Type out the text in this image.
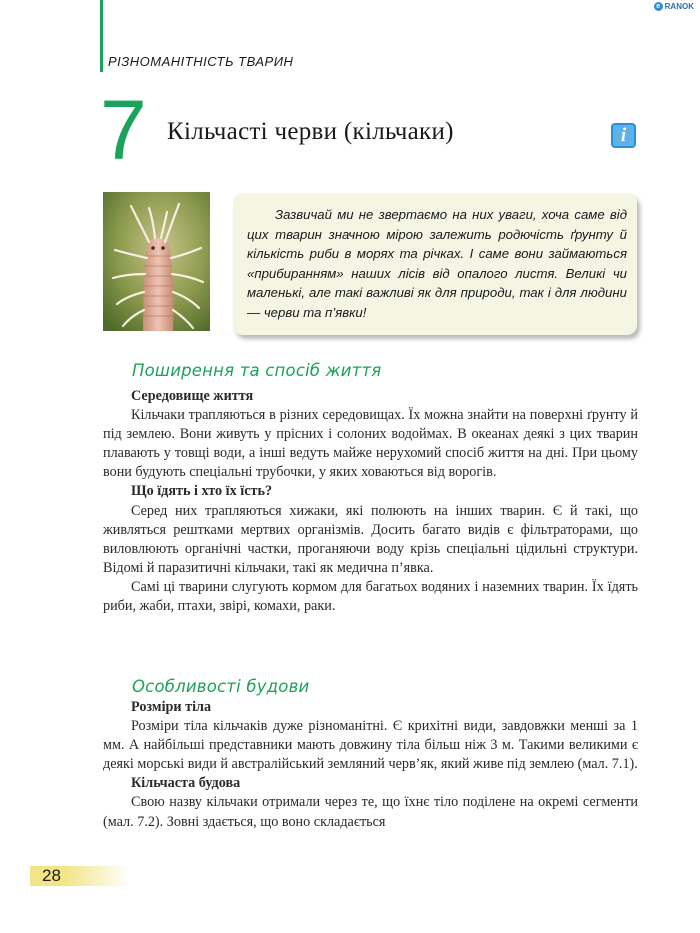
РІЗНОМАНІТНІСТЬ ТВАРИН
e RANOK
7 Кільчасті черви (кільчаки)	i
Зазвичай ми не звертаємо на них уваги, хоча саме від цих тварин значною мірою залежить родючість ґрунту й кількість риби в морях та річках. І саме вони займаються «прибиранням» наших лісів від опалого листя. Великі чи маленькі, але такі важливі як для природи, так і для людини — черви та п’явки!
Поширення та спосіб життя
Середовище життя

Кільчаки трапляються в різних середовищах. Їх можна знайти на поверхні ґрунту й під землею. Вони живуть у прісних і солоних водоймах. В океанах деякі з цих тварин плавають у товщі води, а інші ведуть майже нерухомий спосіб життя на дні. При цьому вони будують спеціальні трубочки, у яких ховаються від ворогів.

Що їдять і хто їх їсть?

Серед них трапляються хижаки, які полюють на інших тварин. Є й такі, що живляться рештками мертвих організмів. Досить багато видів є фільтраторами, що виловлюють органічні частки, проганяючи воду крізь спеціальні цідильні структури. Відомі й паразитичні кільчаки, такі як медична п’явка.

Самі ці тварини слугують кормом для багатьох водяних і наземних тварин. Їх їдять риби, жаби, птахи, звірі, комахи, раки.

Особливості будови
Розміри тіла

Розміри тіла кільчаків дуже різноманітні. Є крихітні види, завдовжки менші за 1 мм. А найбільші представники мають довжину тіла більш ніж 3 м. Такими великими є деякі морські види й австралійський земляний черв’як, який живе під землею (мал. 7.1).

Кільчаста будова

Свою назву кільчаки отримали через те, що їхнє тіло поділене на окремі сегменти (мал. 7.2). Зовні здається, що воно складається

28
